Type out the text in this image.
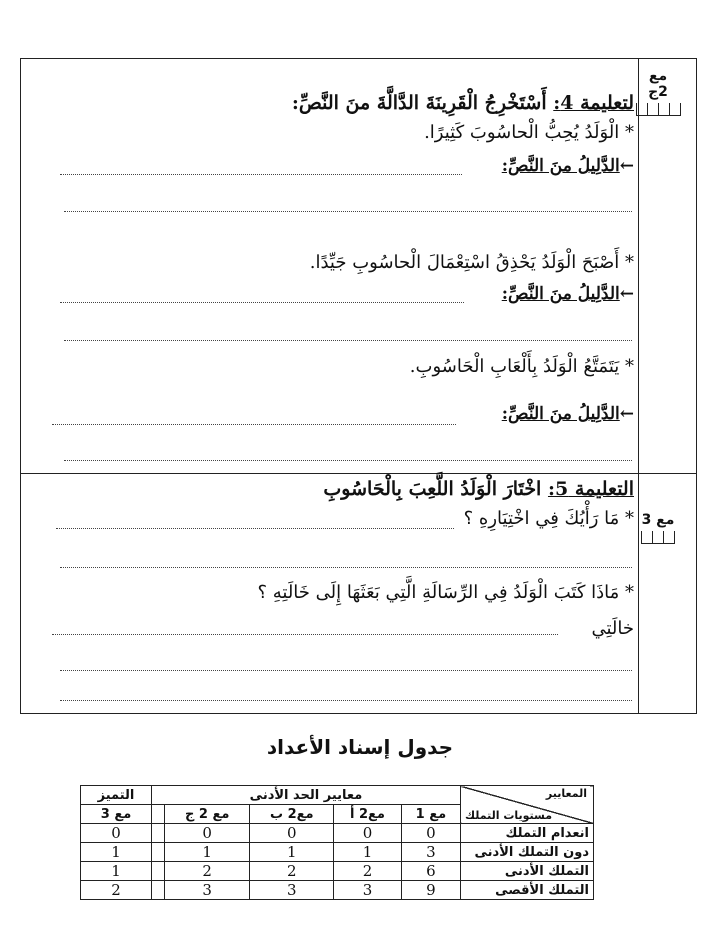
مع
2ج
مع 3
لتعليمة 4: أَسْتَخْرِجُ الْقَرِينَةَ الدَّالَّةَ منَ النَّصِّ:
* الْوَلَدُ يُحِبُّ الْحاسُوبَ كَثِيرًا.
←الدَّلِيلُ منَ النَّصِّ:
* أَصْبَحَ الْوَلَدُ يَحْذِقُ اسْتِعْمَالَ الْحاسُوبِ جَيِّدًا.
←الدَّلِيلُ منَ النَّصِّ:
* يَتَمَتَّعُ الْوَلَدُ بِأَلْعَابِ الْحَاسُوبِ.
←الدَّلِيلُ منَ النَّصِّ:
التعليمة 5: اخْتَارَ الْوَلَدُ اللَّعِبَ بِالْحَاسُوبِ
* مَا رَأْيُكَ فِي اخْتِيَارِهِ ؟
* مَاذَا كَتَبَ الْوَلَدُ فِي الرِّسَالَةِ الَّتِي بَعَثَهَا إِلَى خَالَتِهِ ؟
خالَتِي
جدول إسناد الأعداد
المعايير
مستويات التملك	معايير الحد الأدنى					التميز
	مع 1	مع2 أ	مع2 ب	مع 2 ج		مع 3
انعدام التملك	0	0	0	0		0
دون التملك الأدنى	3	1	1	1		1
التملك الأدنى	6	2	2	2		1
التملك الأقصى	9	3	3	3		2
